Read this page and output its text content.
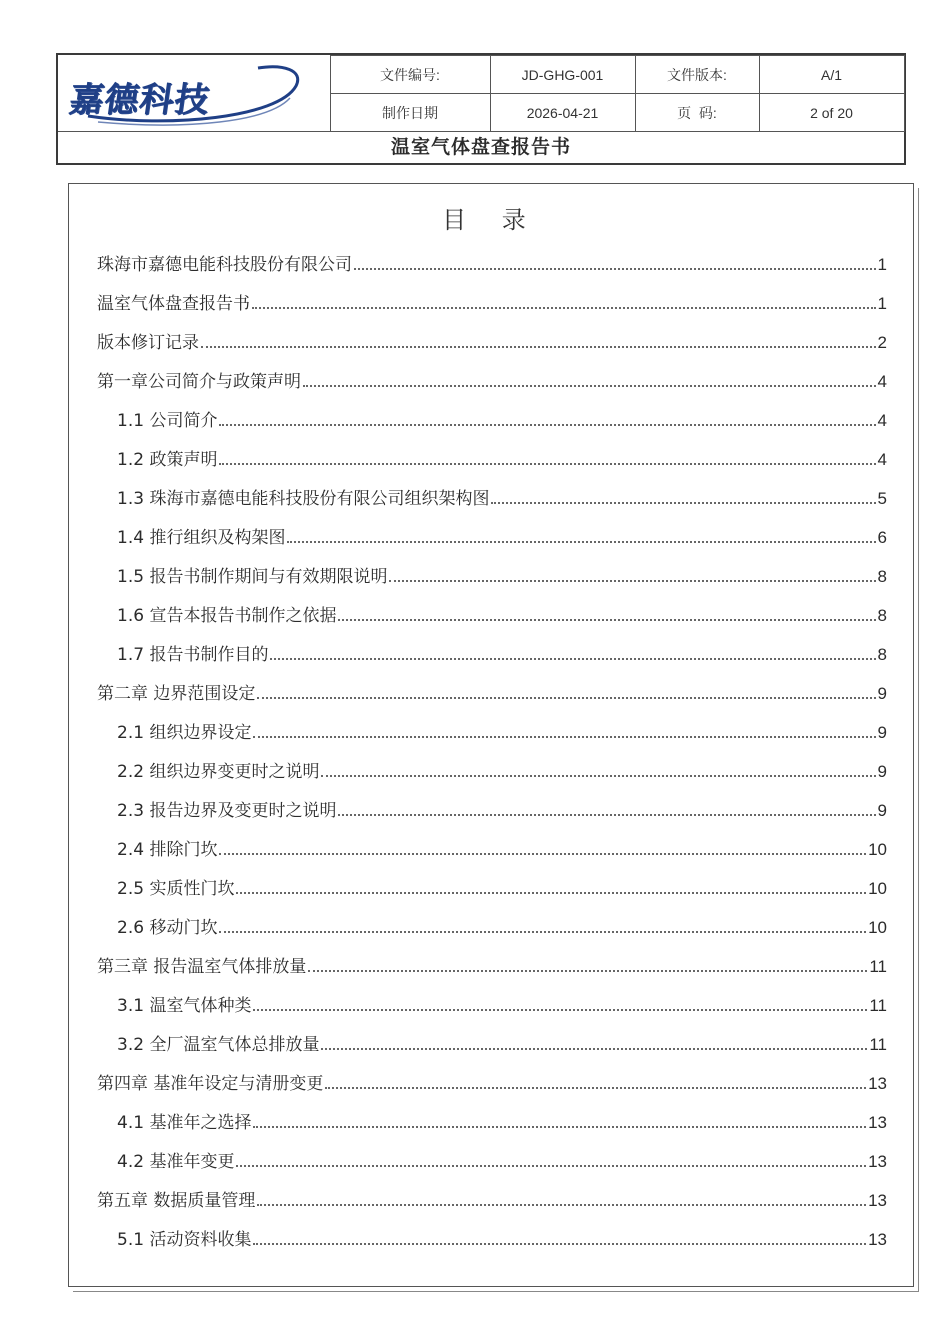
嘉德科技	文件编号:	JD-GHG-001	文件版本:	A/1
	制作日期	2026-04-21	页  码:	2 of 20
温室气体盘查报告书
目 录
珠海市嘉德电能科技股份有限公司	1
温室气体盘查报告书	1
版本修订记录	2
第一章公司简介与政策声明	4
1.1 公司简介	4
1.2 政策声明	4
1.3 珠海市嘉德电能科技股份有限公司组织架构图	5
1.4 推行组织及构架图	6
1.5 报告书制作期间与有效期限说明	8
1.6 宣告本报告书制作之依据	8
1.7 报告书制作目的	8
第二章 边界范围设定	9
2.1 组织边界设定	9
2.2 组织边界变更时之说明	9
2.3 报告边界及变更时之说明	9
2.4 排除门坎	10
2.5 实质性门坎	10
2.6 移动门坎	10
第三章 报告温室气体排放量	11
3.1 温室气体种类	11
3.2 全厂温室气体总排放量	11
第四章 基准年设定与清册变更	13
4.1 基准年之选择	13
4.2 基准年变更	13
第五章 数据质量管理	13
5.1 活动资料收集	13
